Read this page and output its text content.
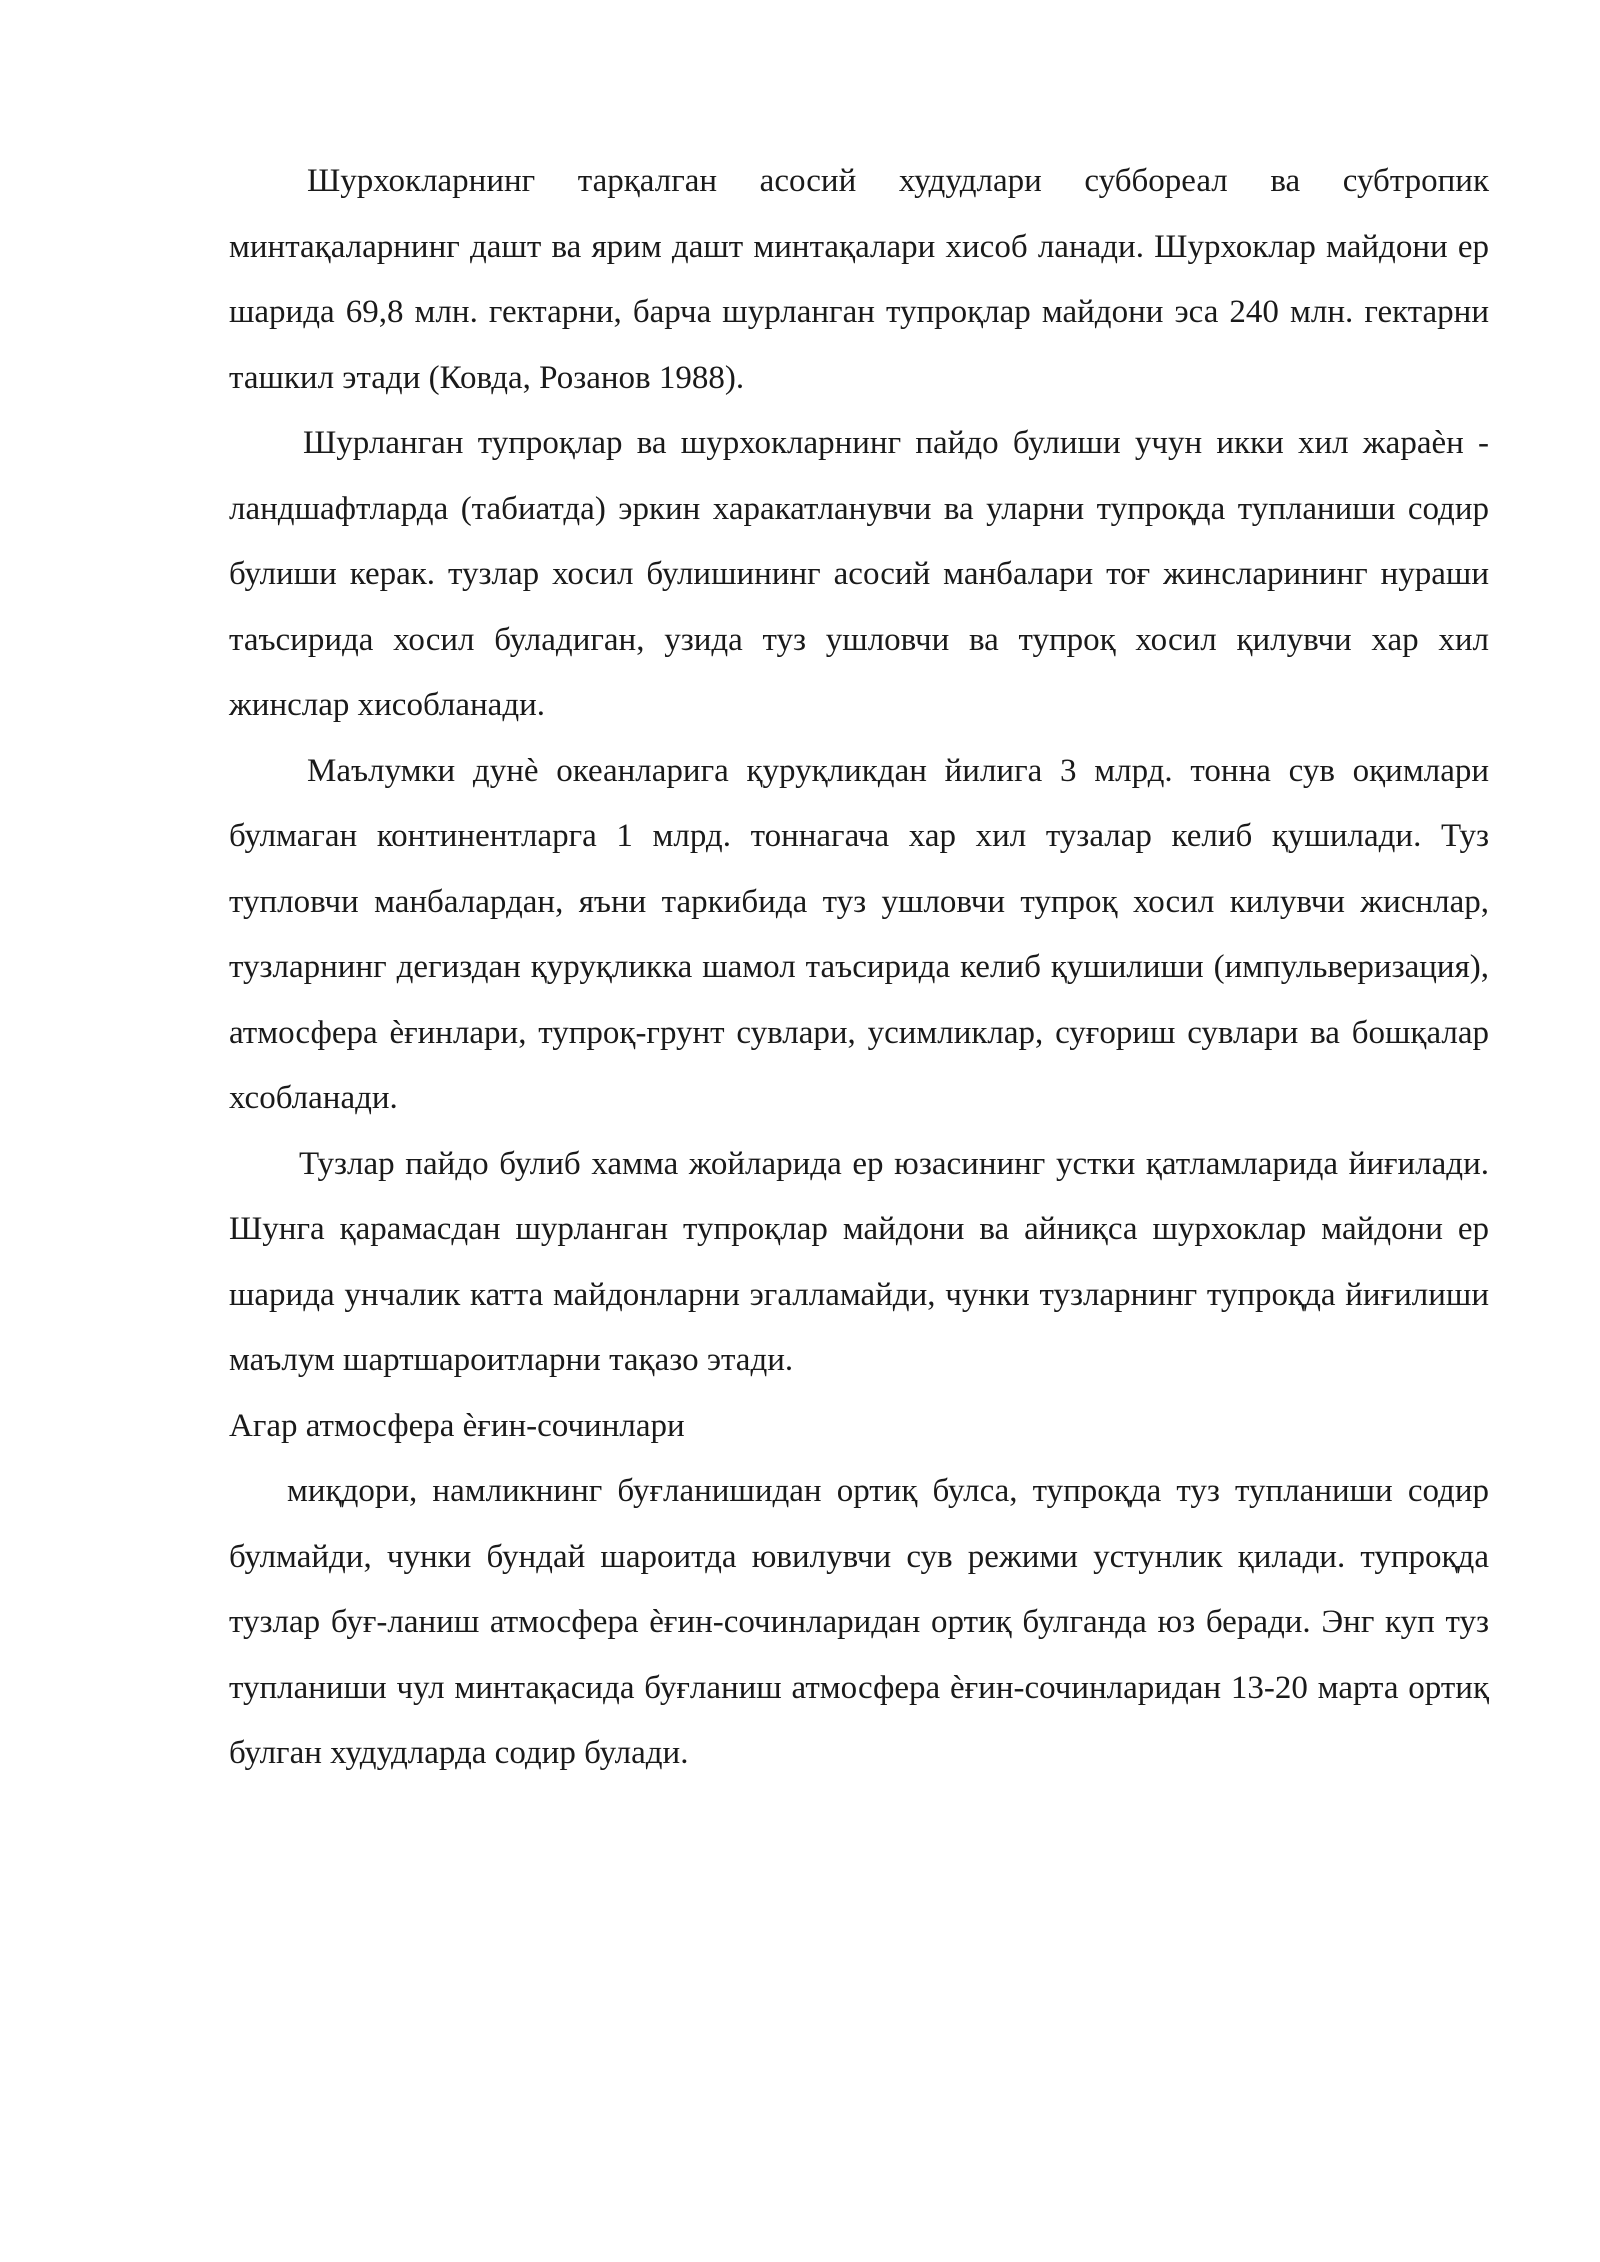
Шурхокларнинг тарқалган асосий худудлари суббореал ва субтропик минтақаларнинг дашт ва ярим дашт минтақалари хисоб ланади. Шурхоклар майдони ер шарида 69,8 млн. гектарни, барча шурланган тупроқлар майдони эса 240 млн. гектарни ташкил этади (Ковда, Розанов 1988).

Шурланган тупроқлар ва шурхокларнинг пайдо булиши учун икки хил жараѐн - ландшафтларда (табиатда) эркин харакатланувчи ва уларни тупроқда тупланиши содир булиши керак. тузлар хосил булишининг асосий манбалари тоғ жинсларининг нураши таъсирида хосил буладиган, узида туз ушловчи ва тупроқ хосил қилувчи хар хил жинслар хисобланади.

Маълумки дунѐ океанларига қуруқликдан йилига 3 млрд. тонна сув оқимлари булмаган континентларга 1 млрд. тоннагача хар хил тузалар келиб қушилади. Туз тупловчи манбалардан, яъни таркибида туз ушловчи тупроқ хосил килувчи жиснлар, тузларнинг дегиздан қуруқликка шамол таъсирида келиб қушилиши (импульверизация), атмосфера ѐғинлари, тупроқ-грунт сувлари, усимликлар, суғориш сувлари ва бошқалар хсобланади.

Тузлар пайдо булиб хамма жойларида ер юзасининг устки қатламларида йиғилади. Шунга қарамасдан шурланган тупроқлар майдони ва айниқса шурхоклар майдони ер шарида унчалик катта майдонларни эгалламайди, чунки тузларнинг тупроқда йиғилиши маълум шартшароитларни тақазо этади.

Агар атмосфера ѐғин-сочинлари

миқдори, намликнинг буғланишидан ортиқ булса, тупроқда туз тупланиши содир булмайди, чунки бундай шароитда ювилувчи сув режими устунлик қилади. тупроқда тузлар буғ-ланиш атмосфера ѐғин-сочинларидан ортиқ булганда юз беради. Энг куп туз тупланиши чул минтақасида буғланиш атмосфера ѐғин-сочинларидан 13-20 марта ортиқ булган худудларда содир булади.
